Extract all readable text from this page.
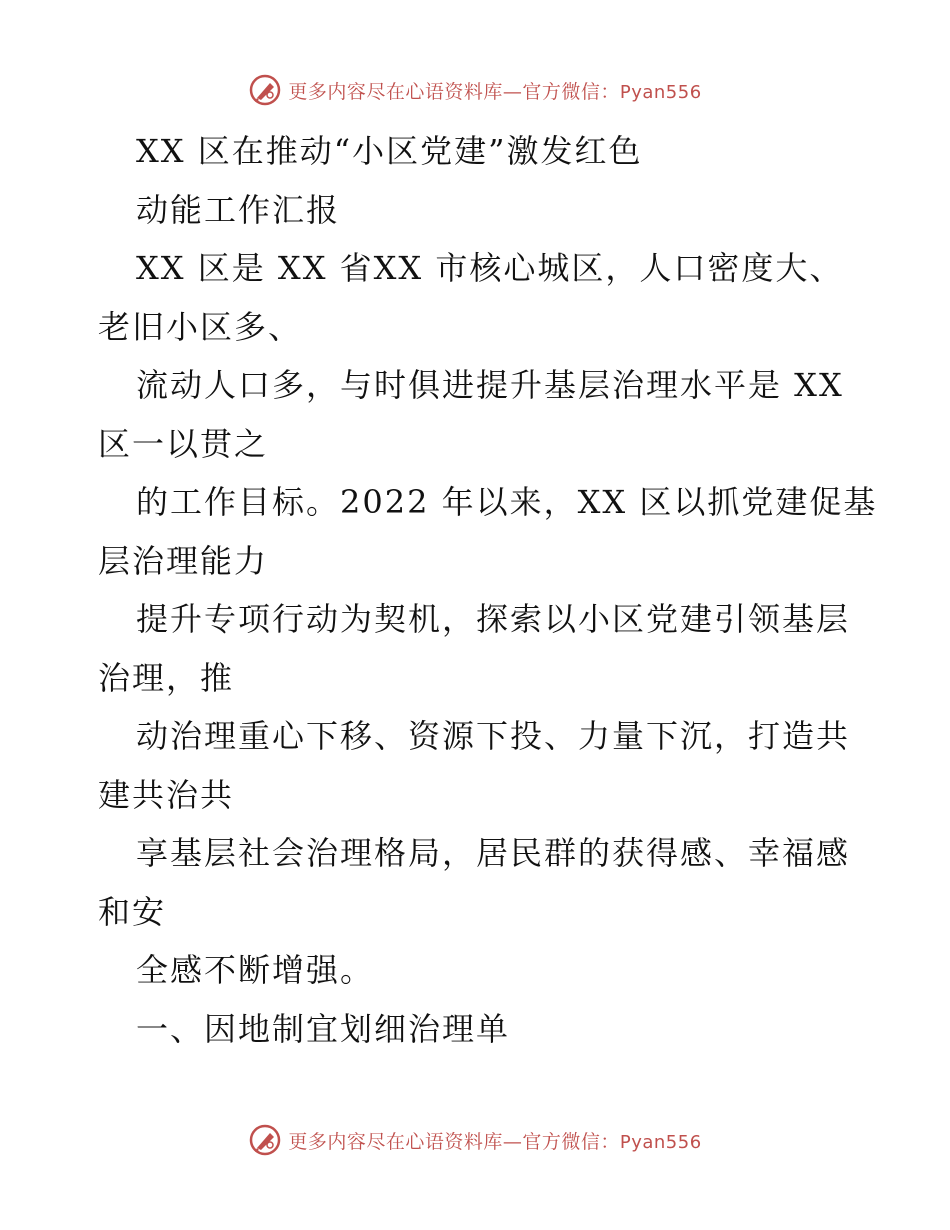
更多内容尽在心语资料库—官方微信：Pyan556
XX 区在推动“小区党建”激发红色
动能工作汇报
XX 区是 XX 省XX 市核心城区，人口密度大、
老旧小区多、
流动人口多，与时俱进提升基层治理水平是 XX
区一以贯之
的工作目标。2022 年以来，XX 区以抓党建促基
层治理能力
提升专项行动为契机，探索以小区党建引领基层
治理，推
动治理重心下移、资源下投、力量下沉，打造共
建共治共
享基层社会治理格局，居民群的获得感、幸福感
和安
全感不断增强。
一、因地制宜划细治理单
更多内容尽在心语资料库—官方微信：Pyan556
